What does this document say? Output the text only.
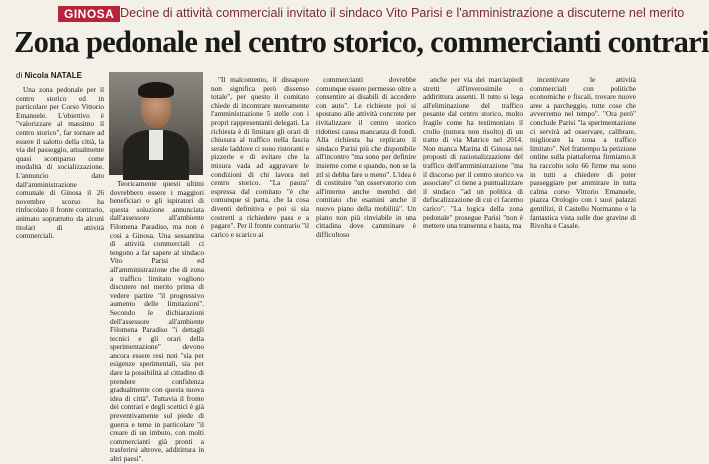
GINOSA Decine di attività commerciali invitato il sindaco Vito Parisi e l'amministrazione a discuterne nel merito
Zona pedonale nel centro storico, commercianti contrari
di Nicola NATALE

Una zona pedonale per il centro storico ed in particolare per Corso Vittorio Emanuele. L'obiettivo è "valorizzare al massimo il centro storico", far tornare ad essere il salotto della città, la via del passeggio, attualmente quasi scomparso come modalità di socializzazione. L'annuncio dato dall'amministrazione comunale di Ginosa il 26 novembre scorso ha rinfocolato il fronte contrario, animato soprattutto da alcuni titolari di attività commerciali.

Teoricamente questi ultimi dovrebbero essere i maggiori beneficiari o gli ispiratori di questa soluzione annunciata dall'assessore all'ambiente Filomena Paradiso, ma non è così a Ginosa. Una sessantina di attività commerciali ci tengono a far sapere al sindaco Vito Parisi ed all'amministrazione che di zona a traffico limitato vogliono discutere nel merito prima di vedere partire "il progressivo aumento delle limitazioni". Secondo le dichiarazioni dell'assessore all'ambiente Filomena Paradiso "i dettagli tecnici e gli orari della sperimentazione" devono ancora essere resi noti "sia per esigenze sperimentali, sia per dare la possibilità al cittadino di prendere confidenza gradualmente con questa nuova idea di città". Tuttavia il fronte dei contrari e degli scettici è già preventivamente sul piede di guerra e teme in particolare "il creare di un imbuto, con molti commercianti già pronti a trasferirsi altrove, additittura in altri paesi".

"Il malcontento, il dissapore non significa però dissenso totale", per questo il comitato chiede di incontrare nuovamente l'amministrazione 5 stelle con i propri rappresentanti delegati. La richiesta è di limitare gli orari di chiusura al traffico nella fascia serale laddove ci sono ristoranti e pizzerie e di evitare che la misura vada ad aggravare le condizioni di chi lavora nel centro storico. "La paura" espressa dal comitato "è che comunque si parta, che la cosa diventi definitiva e poi si sia costretti a richiedere pass e a pagare". Per il fronte contrario "il carico e scarico ai

commercianti dovrebbe comunque essere permesso oltre a consentire ai disabili di accedere con auto". Le richieste poi si spostano alle attività concrete per rivitalizzare il centro storico ridottesi causa mancanza di fondi. Alla richiesta ha replicato il sindaco Parisi più che disponibile all'incontro "ma sono per definire insieme come e quando, non se la ztl si debba fare o meno". L'idea è di costituire "un osservatorio con all'interno anche membri del comitato che esamini anche il nuovo piano della mobilità". Un piano non più rinviabile in una cittadina dove camminare è difficoltoso

anche per via dei marciapiedi stretti all'inverosimile o addirittura assenti. Il tutto si lega all'eliminazione del traffico pesante dal centro storico, molto fragile come ha testimoniato il crollo (tuttora non risolto) di un tratto di via Matrice nel 2014. Non manca Marina di Ginosa nei proposti di razionalizzazione del traffico dell'amministrazione "ma il discorso per il centro storico va associato" ci tiene a puntualizzare il sindaco "ad un politica di defiscalizzazione di cui ci facemo carico". "La logica della zona pedonale" prosegue Parisi "non è mettere una transenna e basta, ma

incentivare le attività commerciali con politiche economiche e fiscali, trovare nuove aree a parcheggio, tutte cose che avverremo nel tempo". "Ora però" conclude Parisi "la sperimentazione ci servirà ad osservare, calibrare, migliorare la zona a traffico limitato". Nel frattempo la petizione online sulla piattaforma firmiamo.it ha raccolto solo 66 firme ma sono in tutti a chiedere di poter passeggiare per ammirare in tutta calma corso Vittorio Emanuele, piazza Orologio con i suoi palazzi gentilizi, il Castello Normanno e la fantastica vista sulle due gravine di Rivolta e Casale.
